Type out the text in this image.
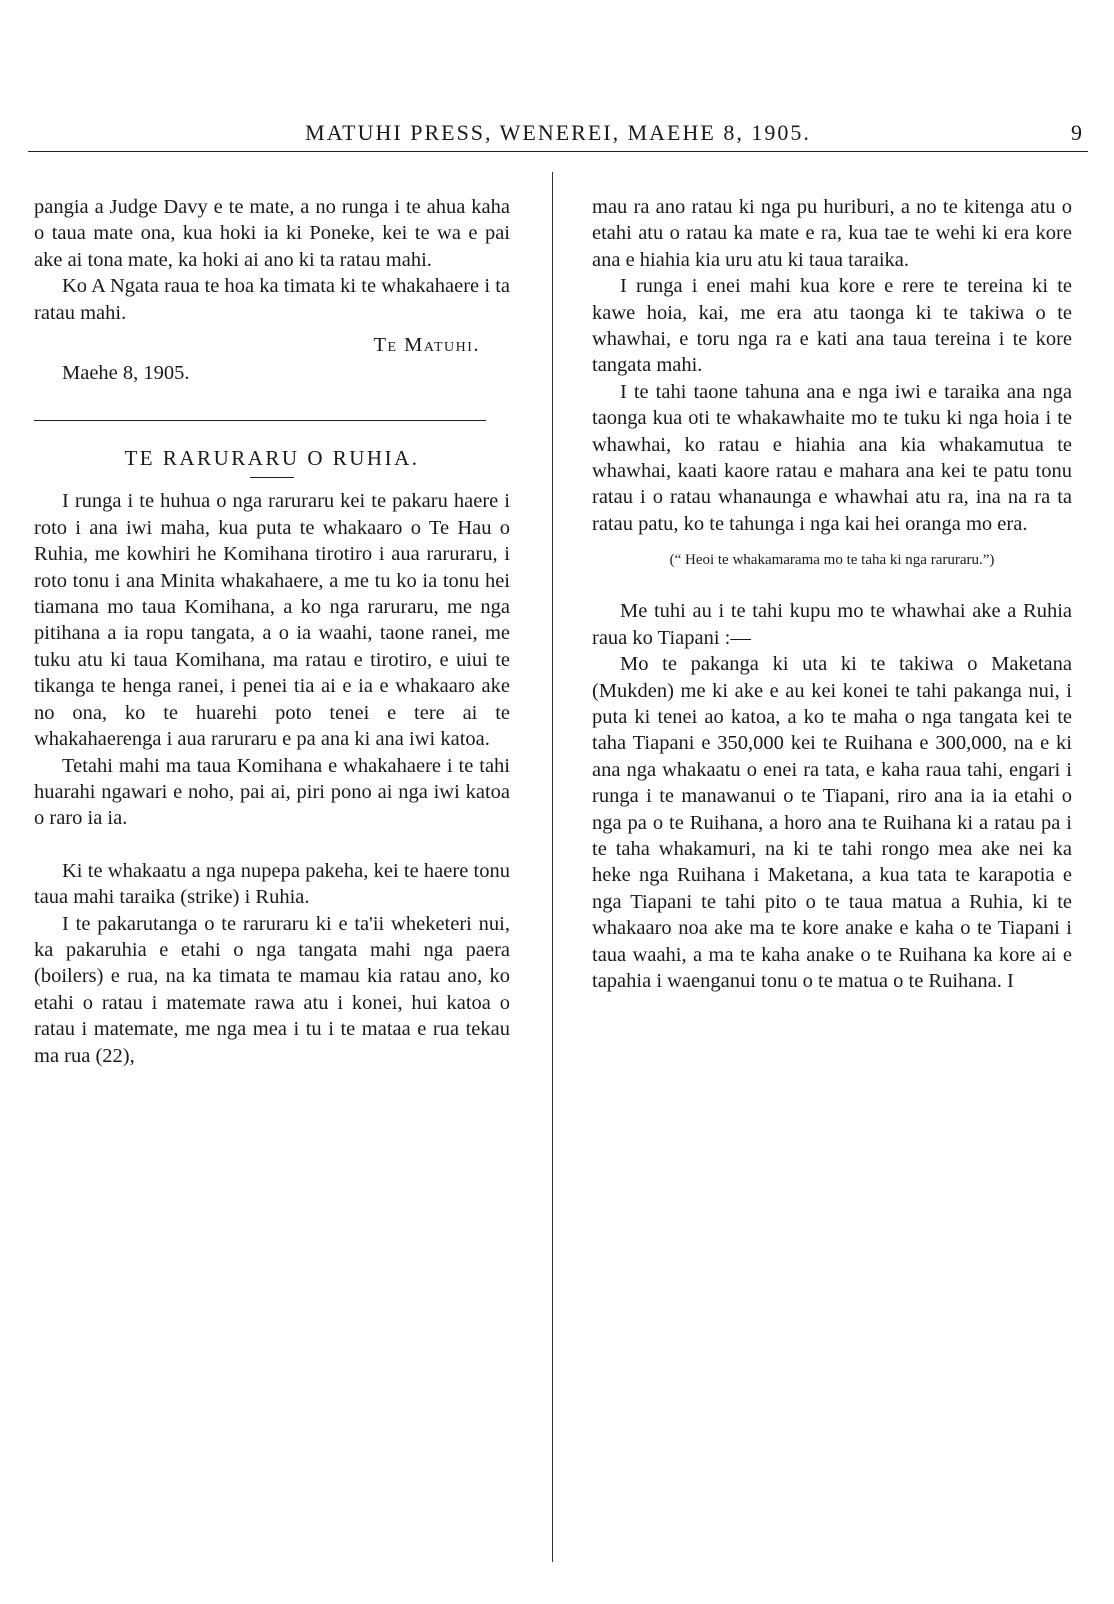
MATUHI PRESS, WENEREI, MAEHE 8, 1905.	9

pangia a Judge Davy e te mate, a no runga i te ahua kaha o taua mate ona, kua hoki ia ki Poneke, kei te wa e pai ake ai tona mate, ka hoki ai ano ki ta ratau mahi.

Ko A Ngata raua te hoa ka timata ki te whakahaere i ta ratau mahi.

Te Matuhi.
Maehe 8, 1905.
TE RARURARU O RUHIA.

I runga i te huhua o nga raruraru kei te pakaru haere i roto i ana iwi maha, kua puta te whakaaro o Te Hau o Ruhia, me kowhiri he Komihana tirotiro i aua raruraru, i roto tonu i ana Minita whakahaere, a me tu ko ia tonu hei tiamana mo taua Komihana, a ko nga raruraru, me nga pitihana a ia ropu tangata, a o ia waahi, taone ranei, me tuku atu ki taua Komihana, ma ratau e tirotiro, e uiui te tikanga te henga ranei, i penei tia ai e ia e whakaaro ake no ona, ko te huarehi poto tenei e tere ai te whakahaerenga i aua raruraru e pa ana ki ana iwi katoa.

Tetahi mahi ma taua Komihana e whakahaere i te tahi huarahi ngawari e noho, pai ai, piri pono ai nga iwi katoa o raro ia ia.

Ki te whakaatu a nga nupepa pakeha, kei te haere tonu taua mahi taraika (strike) i Ruhia.

I te pakarutanga o te raruraru ki e ta'ii wheketeri nui, ka pakaruhia e etahi o nga tangata mahi nga paera (boilers) e rua, na ka timata te mamau kia ratau ano, ko etahi o ratau i matemate rawa atu i konei, hui katoa o ratau i matemate, me nga mea i tu i te mataa e rua tekau ma rua (22),

mau ra ano ratau ki nga pu huriburi, a no te kitenga atu o etahi atu o ratau ka mate e ra, kua tae te wehi ki era kore ana e hiahia kia uru atu ki taua taraika.

I runga i enei mahi kua kore e rere te tereina ki te kawe hoia, kai, me era atu taonga ki te takiwa o te whawhai, e toru nga ra e kati ana taua tereina i te kore tangata mahi.

I te tahi taone tahuna ana e nga iwi e taraika ana nga taonga kua oti te whakawhaite mo te tuku ki nga hoia i te whawhai, ko ratau e hiahia ana kia whakamutua te whawhai, kaati kaore ratau e mahara ana kei te patu tonu ratau i o ratau whanaunga e whawhai atu ra, ina na ra ta ratau patu, ko te tahunga i nga kai hei oranga mo era.

(“ Heoi te whakamarama mo te taha ki nga raruraru.”)

Me tuhi au i te tahi kupu mo te whawhai ake a Ruhia raua ko Tiapani :—

Mo te pakanga ki uta ki te takiwa o Maketana (Mukden) me ki ake e au kei konei te tahi pakanga nui, i puta ki tenei ao katoa, a ko te maha o nga tangata kei te taha Tiapani e 350,000 kei te Ruihana e 300,000, na e ki ana nga whakaatu o enei ra tata, e kaha raua tahi, engari i runga i te manawanui o te Tiapani, riro ana ia ia etahi o nga pa o te Ruihana, a horo ana te Ruihana ki a ratau pa i te taha whakamuri, na ki te tahi rongo mea ake nei ka heke nga Ruihana i Maketana, a kua tata te karapotia e nga Tiapani te tahi pito o te taua matua a Ruhia, ki te whakaaro noa ake ma te kore anake e kaha o te Tiapani i taua waahi, a ma te kaha anake o te Ruihana ka kore ai e tapahia i waenganui tonu o te matua o te Ruihana. I
